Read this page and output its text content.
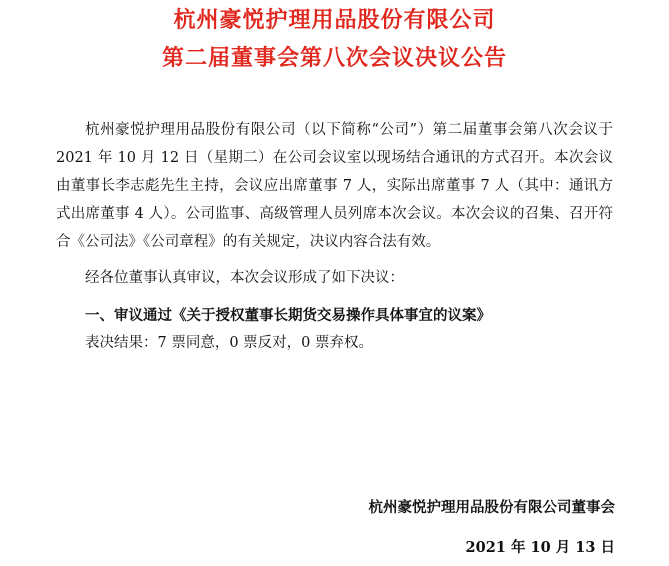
杭州豪悦护理用品股份有限公司
第二届董事会第八次会议决议公告

杭州豪悦护理用品股份有限公司（以下简称“公司”）第二届董事会第八次会议于 2021 年 10 月 12 日（星期二）在公司会议室以现场结合通讯的方式召开。本次会议由董事长李志彪先生主持，会议应出席董事 7 人，实际出席董事 7 人（其中：通讯方式出席董事 4 人）。公司监事、高级管理人员列席本次会议。本次会议的召集、召开符合《公司法》《公司章程》的有关规定，决议内容合法有效。

经各位董事认真审议，本次会议形成了如下决议：

一、审议通过《关于授权董事长期货交易操作具体事宜的议案》

表决结果：7 票同意，0 票反对，0 票弃权。

杭州豪悦护理用品股份有限公司董事会
2021 年 10 月 13 日
